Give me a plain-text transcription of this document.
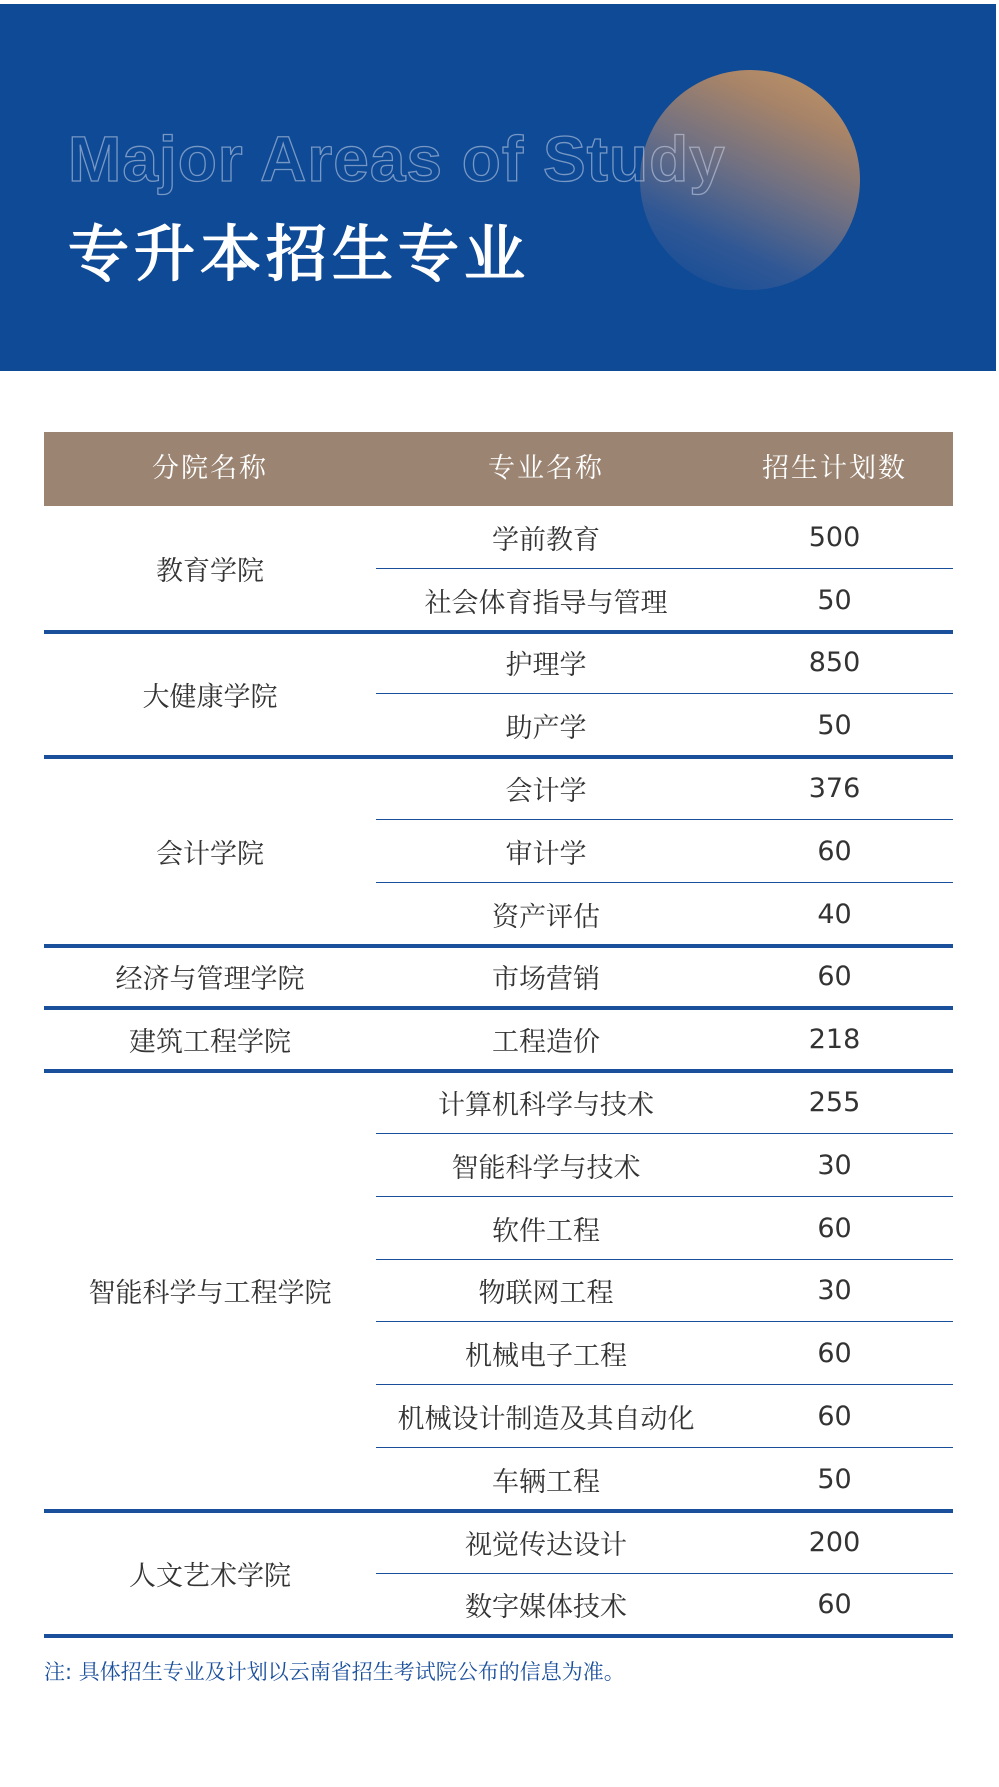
Major Areas of Study
专升本招生专业
分院名称	专业名称	招生计划数
教育学院
学前教育	500
社会体育指导与管理	50
大健康学院
护理学	850
助产学	50
会计学院
会计学	376
审计学	60
资产评估	40
经济与管理学院	市场营销	60
建筑工程学院	工程造价	218
智能科学与工程学院
计算机科学与技术	255
智能科学与技术	30
软件工程	60
物联网工程	30
机械电子工程	60
机械设计制造及其自动化	60
车辆工程	50
人文艺术学院
视觉传达设计	200
数字媒体技术	60

注: 具体招生专业及计划以云南省招生考试院公布的信息为准。
